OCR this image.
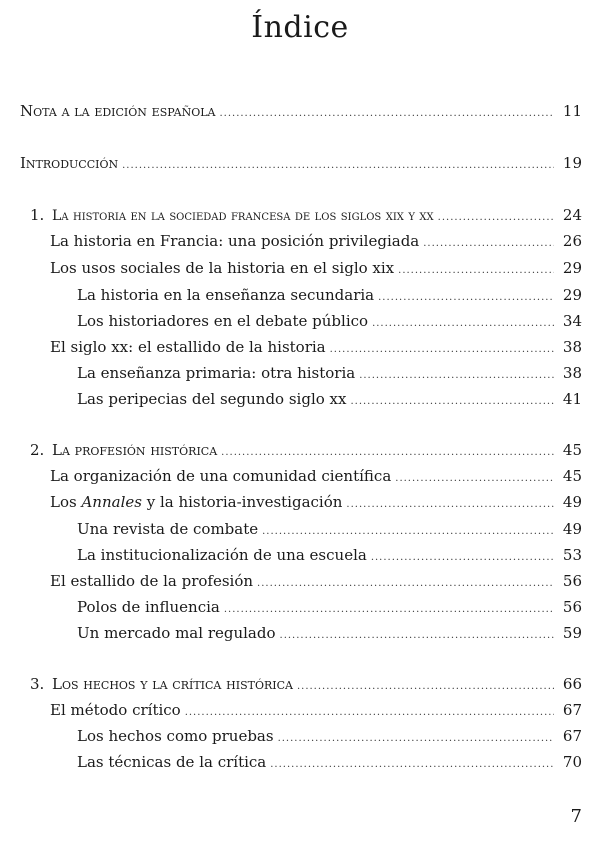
Índice
Nota a la edición española .....	11
Introducción .....	19
1. La historia en la sociedad francesa de los siglos xix y xx .....	24
La historia en Francia: una posición privilegiada .....	26
Los usos sociales de la historia en el siglo xix .....	29
La historia en la enseñanza secundaria .....	29
Los historiadores en el debate público .....	34
El siglo xx: el estallido de la historia .....	38
La enseñanza primaria: otra historia .....	38
Las peripecias del segundo siglo xx .....	41
2. La profesión histórica .....	45
La organización de una comunidad científica .....	45
Los Annales y la historia-investigación .....	49
Una revista de combate .....	49
La institucionalización de una escuela .....	53
El estallido de la profesión .....	56
Polos de influencia .....	56
Un mercado mal regulado .....	59
3. Los hechos y la crítica histórica .....	66
El método crítico .....	67
Los hechos como pruebas .....	67
Las técnicas de la crítica .....	70
7
